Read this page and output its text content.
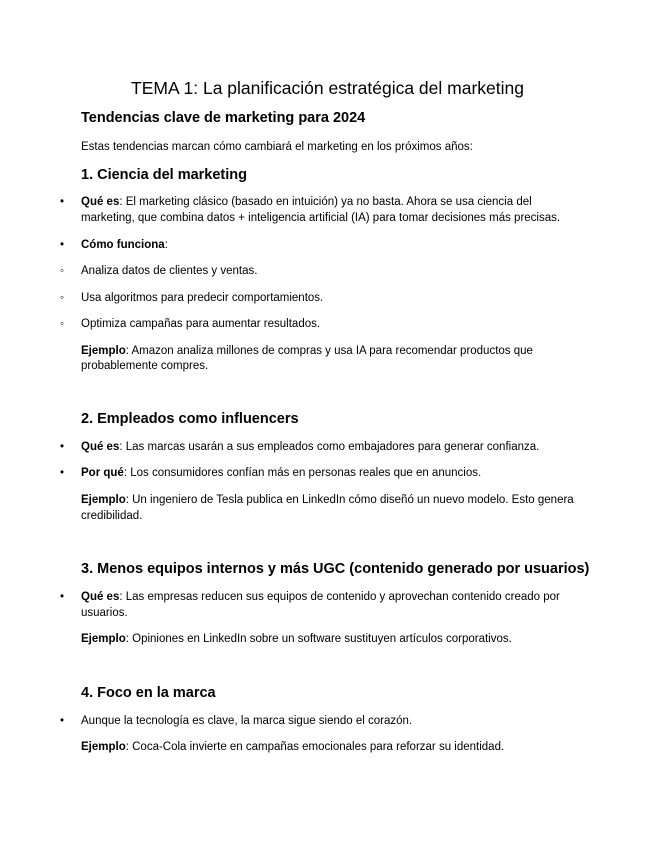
TEMA 1: La planificación estratégica del marketing
Tendencias clave de marketing para 2024

Estas tendencias marcan cómo cambiará el marketing en los próximos años:

1. Ciencia del marketing
• Qué es: El marketing clásico (basado en intuición) ya no basta. Ahora se usa ciencia del

marketing, que combina datos + inteligencia artificial (IA) para tomar decisiones más precisas.

• Cómo funciona:

◦ Analiza datos de clientes y ventas.

◦ Usa algoritmos para predecir comportamientos.

◦ Optimiza campañas para aumentar resultados.

Ejemplo: Amazon analiza millones de compras y usa IA para recomendar productos que

probablemente compres.

2. Empleados como influencers
• Qué es: Las marcas usarán a sus empleados como embajadores para generar confianza.

• Por qué: Los consumidores confían más en personas reales que en anuncios.

Ejemplo: Un ingeniero de Tesla publica en LinkedIn cómo diseñó un nuevo modelo. Esto genera

credibilidad.

3. Menos equipos internos y más UGC (contenido generado por usuarios)
• Qué es: Las empresas reducen sus equipos de contenido y aprovechan contenido creado por

usuarios.

Ejemplo: Opiniones en LinkedIn sobre un software sustituyen artículos corporativos.

4. Foco en la marca
• Aunque la tecnología es clave, la marca sigue siendo el corazón.

Ejemplo: Coca-Cola invierte en campañas emocionales para reforzar su identidad.
